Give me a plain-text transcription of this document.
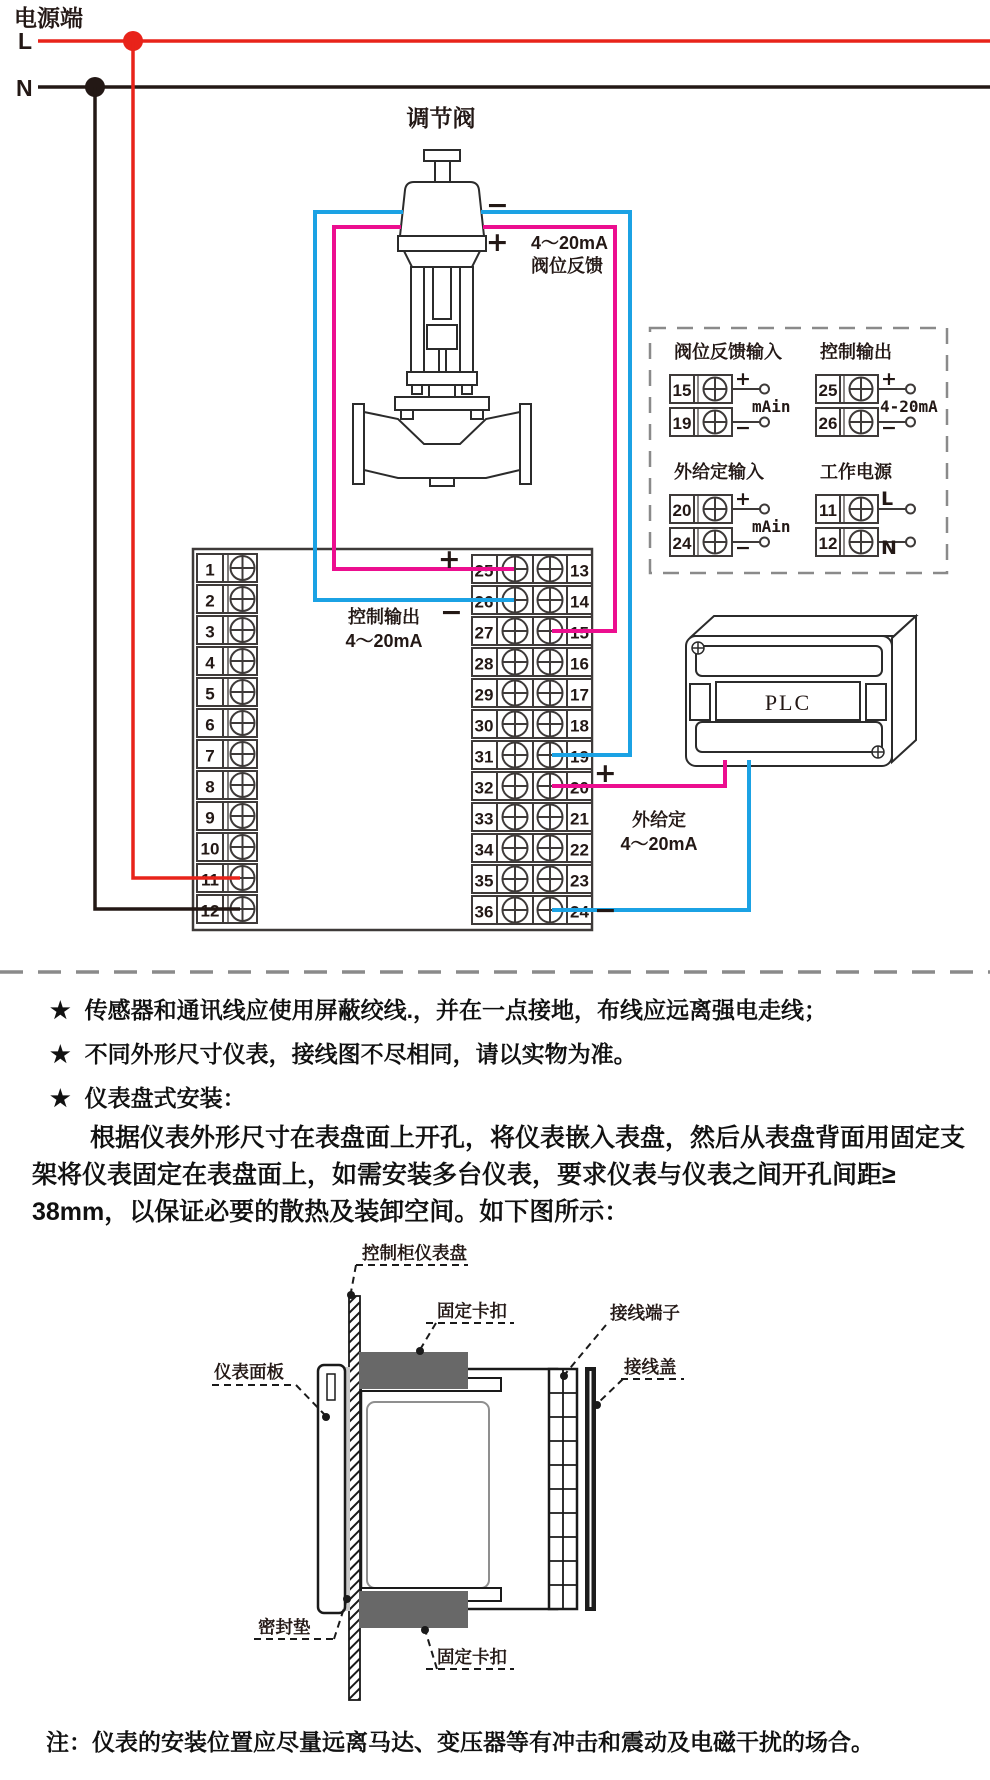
1
2
3
4
5
6
7
8
9
10
11
12
25	13
26	14
27	15
28	16
29	17
30	18
31	19
32	20
33	21
34	22
35	23
36	24
阀位反馈输入
15
+
19 −
mAin
控制输出
25
+
26 −
4-20mA
外给定输入
20
+
24 −
mAin
工作电源
11
L
12 N
电源端
L
N
调节阀
−
+ 4～20mA
阀位反馈
+
−
控制输出
4～20mA
+
−
外给定
4～20mA
PLC
★ 传感器和通讯线应使用屏蔽绞线.，并在一点接地，布线应远离强电走线；
★ 不同外形尺寸仪表，接线图不尽相同，请以实物为准。
★ 仪表盘式安装：
根据仪表外形尺寸在表盘面上开孔，将仪表嵌入表盘，然后从表盘背面用固定支
架将仪表固定在表盘面上，如需安装多台仪表，要求仪表与仪表之间开孔间距≥
38mm，以保证必要的散热及装卸空间。如下图所示：
控制柜仪表盘
固定卡扣	接线端子
接线盖
仪表面板
密封垫
固定卡扣
注：仪表的安装位置应尽量远离马达、变压器等有冲击和震动及电磁干扰的场合。
